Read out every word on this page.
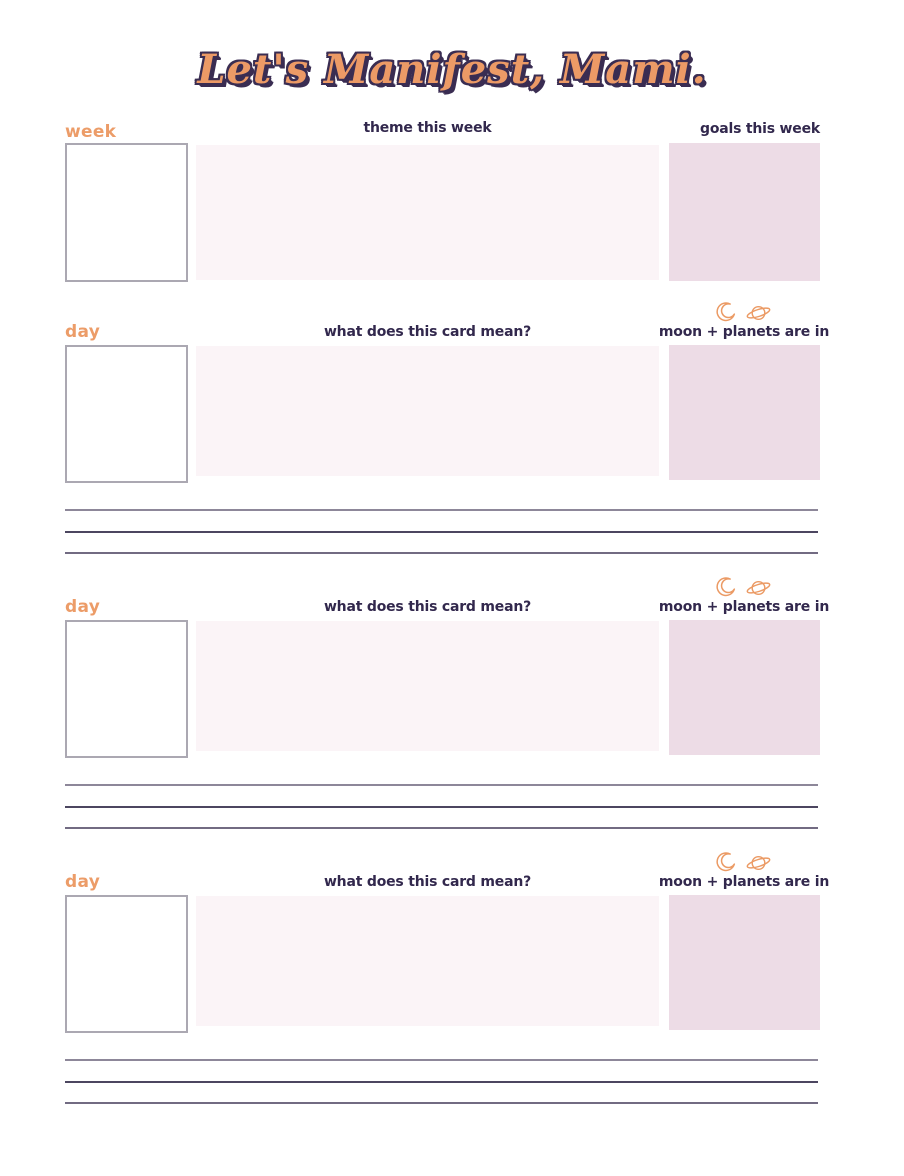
Let's Manifest, Mami.
week	theme this week	goals this week
day	what does this card mean?	moon + planets are in
day	what does this card mean?	moon + planets are in
day	what does this card mean?	moon + planets are in
